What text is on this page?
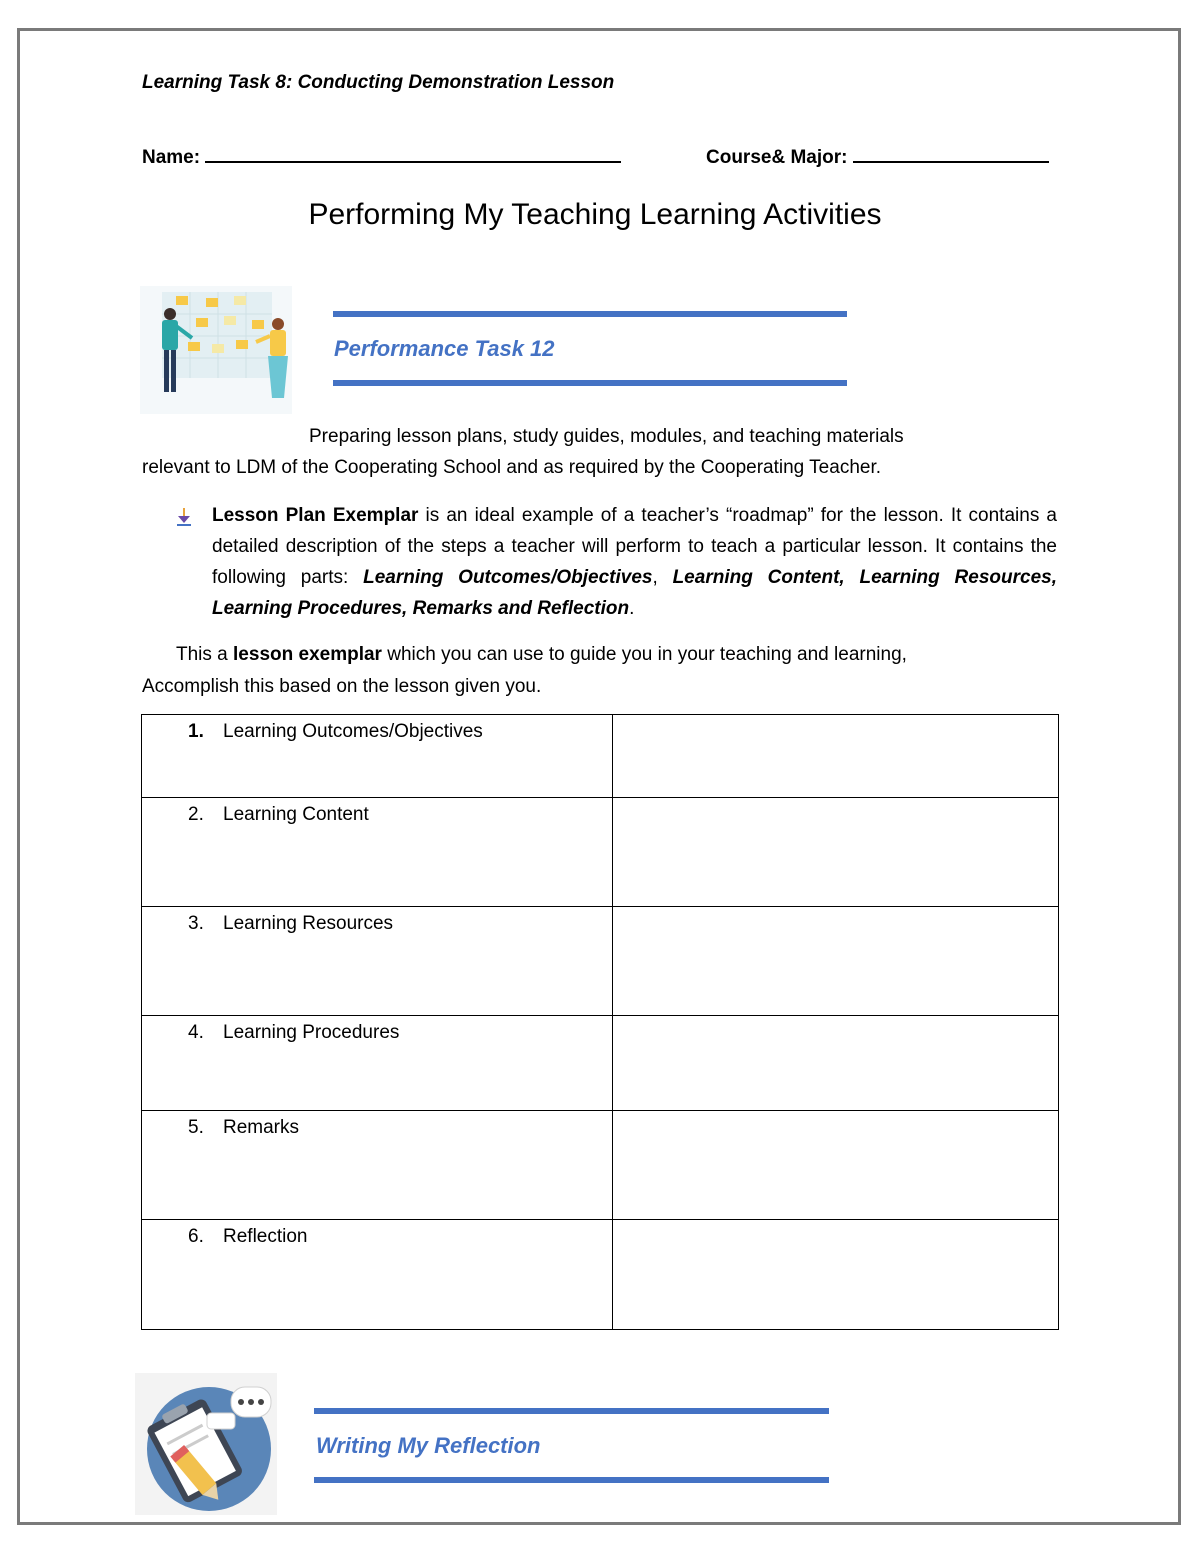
Learning Task 8: Conducting Demonstration Lesson
Name:	Course& Major:
Performing My Teaching Learning Activities
Performance Task 12
Preparing lesson plans, study guides, modules, and teaching materials
relevant to LDM of the Cooperating School and as required by the Cooperating Teacher.
Lesson Plan Exemplar is an ideal example of a teacher’s “roadmap” for the lesson. It contains a detailed description of the steps a teacher will perform to teach a particular lesson. It contains the following parts: Learning Outcomes/Objectives, Learning Content, Learning Resources, Learning Procedures, Remarks and Reflection.
This a lesson exemplar which you can use to guide you in your teaching and learning,
Accomplish this based on the lesson given you.
1. Learning Outcomes/Objectives	

2. Learning Content	

3. Learning Resources	

4. Learning Procedures	

5. Remarks	

6. Reflection	

Writing My Reflection
